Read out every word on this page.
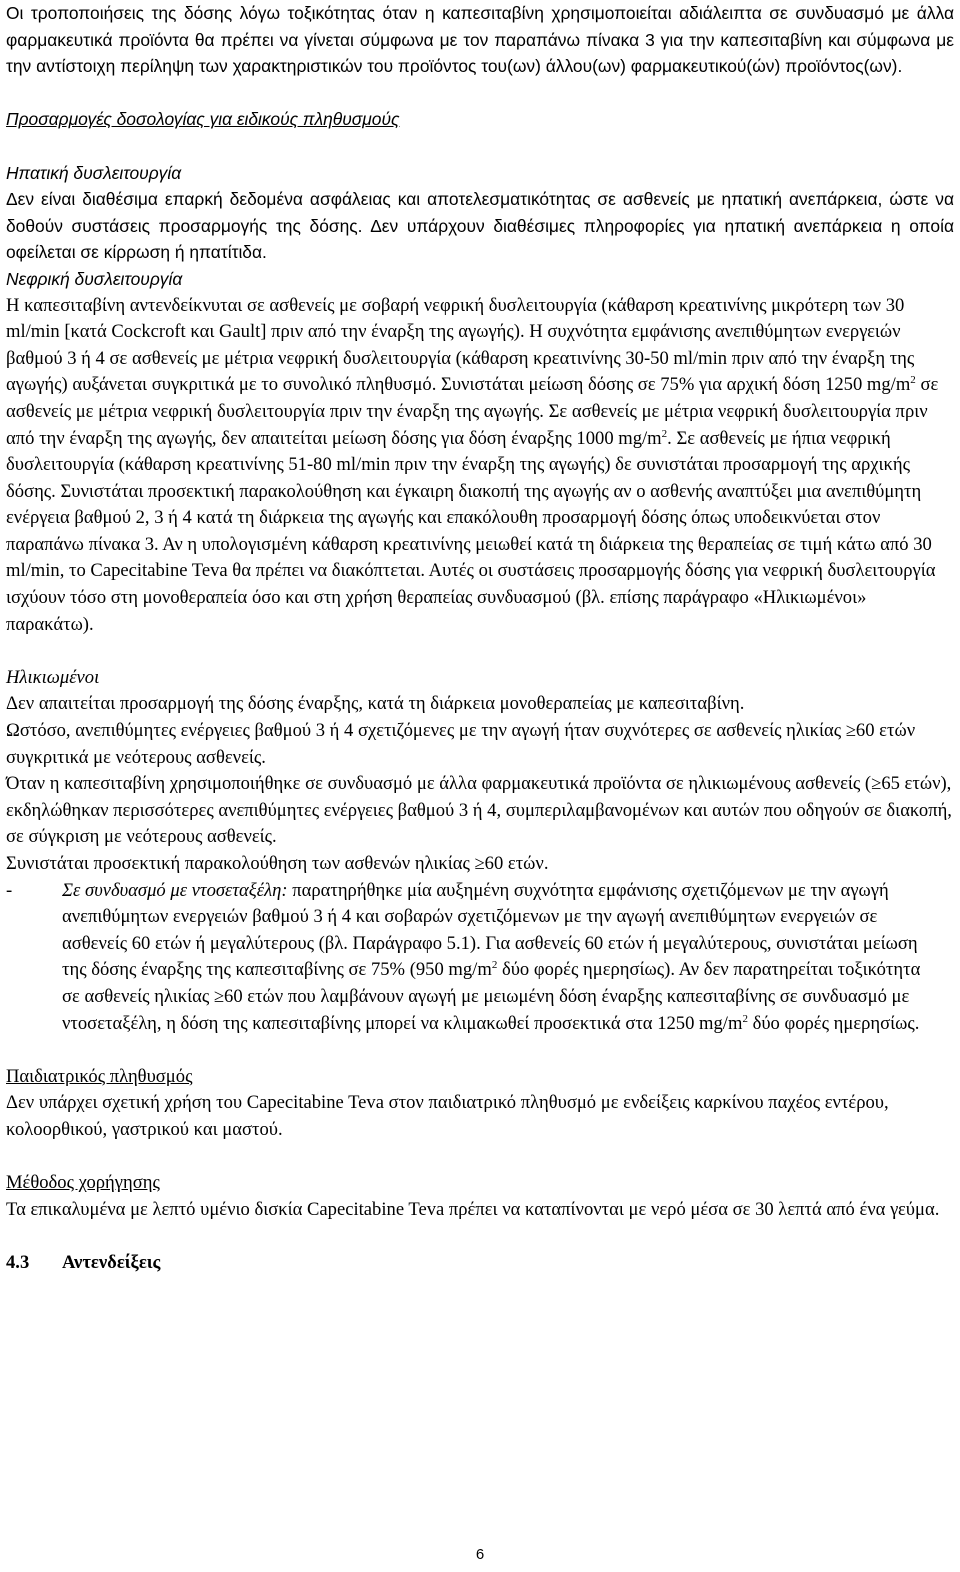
Οι τροποποιήσεις της δόσης λόγω τοξικότητας όταν η καπεσιταβίνη χρησιμοποιείται αδιάλειπτα σε συνδυασμό με άλλα φαρμακευτικά προϊόντα θα πρέπει να γίνεται σύμφωνα με τον παραπάνω πίνακα 3 για την καπεσιταβίνη και σύμφωνα με την αντίστοιχη περίληψη των χαρακτηριστικών του προϊόντος του(ων) άλλου(ων) φαρμακευτικού(ών) προϊόντος(ων).

Προσαρμογές δοσολογίας για ειδικούς πληθυσμούς

Ηπατική δυσλειτουργία

Δεν είναι διαθέσιμα επαρκή δεδομένα ασφάλειας και αποτελεσματικότητας σε ασθενείς με ηπατική ανεπάρκεια, ώστε να δοθούν συστάσεις προσαρμογής της δόσης. Δεν υπάρχουν διαθέσιμες πληροφορίες για ηπατική ανεπάρκεια η οποία οφείλεται σε κίρρωση ή ηπατίτιδα.

Νεφρική δυσλειτουργία

Η καπεσιταβίνη αντενδείκνυται σε ασθενείς με σοβαρή νεφρική δυσλειτουργία (κάθαρση κρεατινίνης μικρότερη των 30 ml/min [κατά Cockcroft και Gault] πριν από την έναρξη της αγωγής). Η συχνότητα εμφάνισης ανεπιθύμητων ενεργειών βαθμού 3 ή 4 σε ασθενείς με μέτρια νεφρική δυσλειτουργία (κάθαρση κρεατινίνης 30-50 ml/min πριν από την έναρξη της αγωγής) αυξάνεται συγκριτικά με το συνολικό πληθυσμό. Συνιστάται μείωση δόσης σε 75% για αρχική δόση 1250 $mg/m^2$ σε ασθενείς με μέτρια νεφρική δυσλειτουργία πριν την έναρξη της αγωγής. Σε ασθενείς με μέτρια νεφρική δυσλειτουργία πριν από την έναρξη της αγωγής, δεν απαιτείται μείωση δόσης για δόση έναρξης 1000 $mg/m^2$. Σε ασθενείς με ήπια νεφρική δυσλειτουργία (κάθαρση κρεατινίνης 51-80 ml/min πριν την έναρξη της αγωγής) δε συνιστάται προσαρμογή της αρχικής δόσης. Συνιστάται προσεκτική παρακολούθηση και έγκαιρη διακοπή της αγωγής αν ο ασθενής αναπτύξει μια ανεπιθύμητη ενέργεια βαθμού 2, 3 ή 4 κατά τη διάρκεια της αγωγής και επακόλουθη προσαρμογή δόσης όπως υποδεικνύεται στον παραπάνω πίνακα 3. Αν η υπολογισμένη κάθαρση κρεατινίνης μειωθεί κατά τη διάρκεια της θεραπείας σε τιμή κάτω από 30 ml/min, το Capecitabine Teva θα πρέπει να διακόπτεται. Αυτές οι συστάσεις προσαρμογής δόσης για νεφρική δυσλειτουργία ισχύουν τόσο στη μονοθεραπεία όσο και στη χρήση θεραπείας συνδυασμού (βλ. επίσης παράγραφο «Ηλικιωμένοι» παρακάτω).

Ηλικιωμένοι

Δεν απαιτείται προσαρμογή της δόσης έναρξης, κατά τη διάρκεια μονοθεραπείας με καπεσιταβίνη.

Ωστόσο, ανεπιθύμητες ενέργειες βαθμού 3 ή 4 σχετιζόμενες με την αγωγή ήταν συχνότερες σε ασθενείς ηλικίας ≥60 ετών συγκριτικά με νεότερους ασθενείς.

Όταν η καπεσιταβίνη χρησιμοποιήθηκε σε συνδυασμό με άλλα φαρμακευτικά προϊόντα σε ηλικιωμένους ασθενείς (≥65 ετών), εκδηλώθηκαν περισσότερες ανεπιθύμητες ενέργειες βαθμού 3 ή 4, συμπεριλαμβανομένων και αυτών που οδηγούν σε διακοπή, σε σύγκριση με νεότερους ασθενείς.

Συνιστάται προσεκτική παρακολούθηση των ασθενών ηλικίας ≥60 ετών.

-	Σε συνδυασμό με ντοσεταξέλη: παρατηρήθηκε μία αυξημένη συχνότητα εμφάνισης σχετιζόμενων με την αγωγή ανεπιθύμητων ενεργειών βαθμού 3 ή 4 και σοβαρών σχετιζόμενων με την αγωγή ανεπιθύμητων ενεργειών σε ασθενείς 60 ετών ή μεγαλύτερους (βλ. Παράγραφο 5.1). Για ασθενείς 60 ετών ή μεγαλύτερους, συνιστάται μείωση της δόσης έναρξης της καπεσιταβίνης σε 75% (950 $mg/m^2$ δύο φορές ημερησίως). Αν δεν παρατηρείται τοξικότητα σε ασθενείς ηλικίας ≥60 ετών που λαμβάνουν αγωγή με μειωμένη δόση έναρξης καπεσιταβίνης σε συνδυασμό με ντοσεταξέλη, η δόση της καπεσιταβίνης μπορεί να κλιμακωθεί προσεκτικά στα 1250 $mg/m^2$ δύο φορές ημερησίως.

Παιδιατρικός πληθυσμός

Δεν υπάρχει σχετική χρήση του Capecitabine Teva στον παιδιατρικό πληθυσμό με ενδείξεις καρκίνου παχέος εντέρου, κολοορθικού, γαστρικού και μαστού.

Μέθοδος χορήγησης

Τα επικαλυμένα με λεπτό υμένιο δισκία Capecitabine Teva πρέπει να καταπίνονται με νερό μέσα σε 30 λεπτά από ένα γεύμα.

4.3	Αντενδείξεις
6
